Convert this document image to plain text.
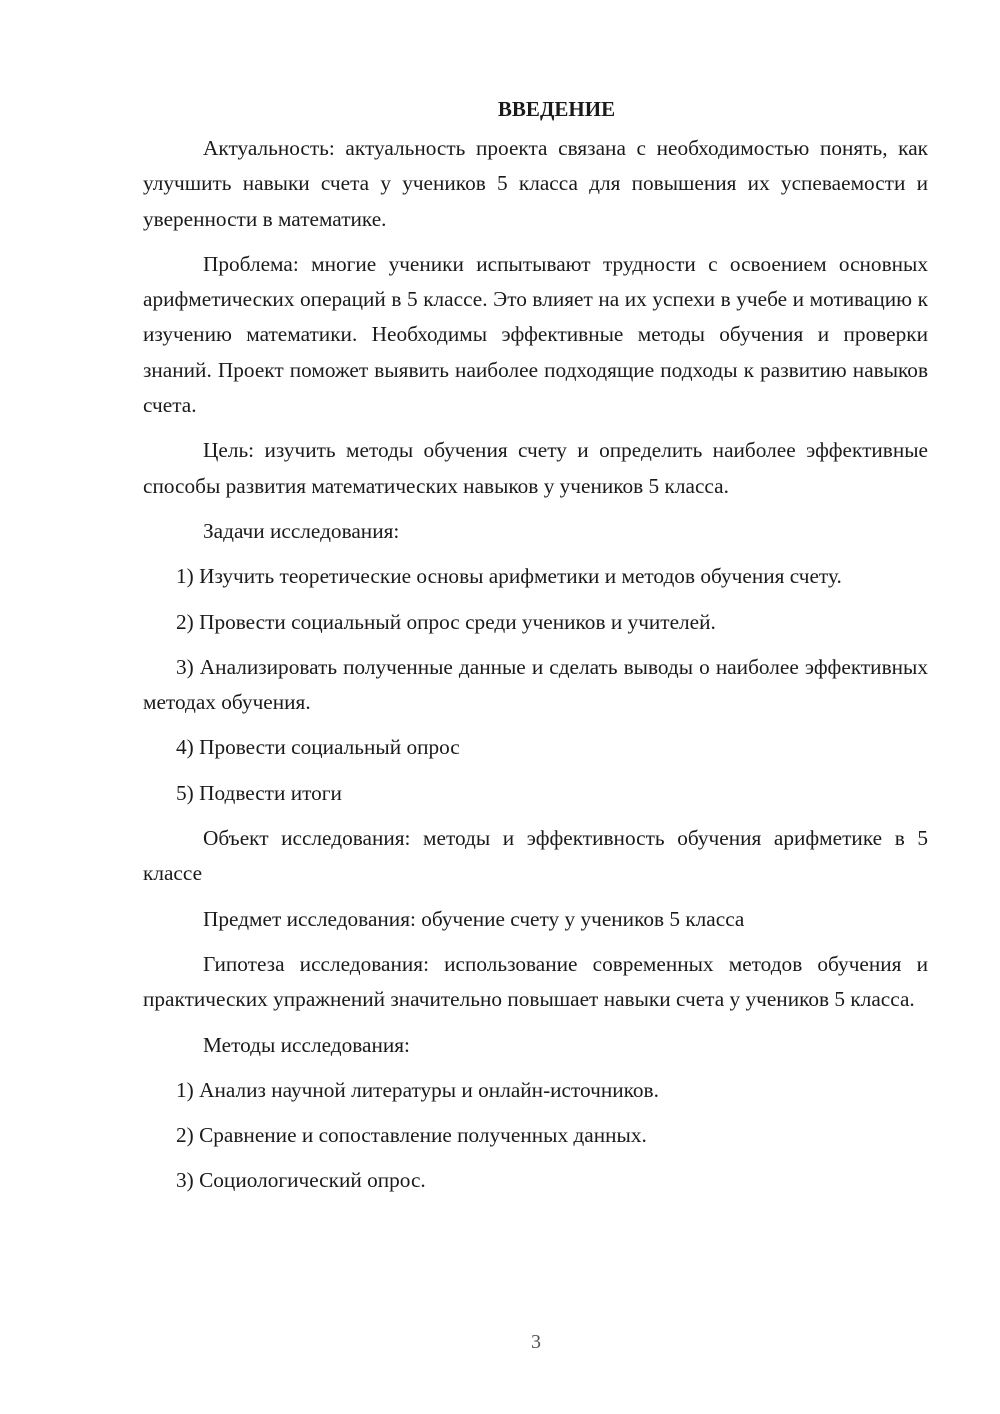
ВВЕДЕНИЕ

Актуальность: актуальность проекта связана с необходимостью понять, как улучшить навыки счета у учеников 5 класса для повышения их успеваемости и уверенности в математике.

Проблема: многие ученики испытывают трудности с освоением основных арифметических операций в 5 классе. Это влияет на их успехи в учебе и мотивацию к изучению математики. Необходимы эффективные методы обучения и проверки знаний. Проект поможет выявить наиболее подходящие подходы к развитию навыков счета.

Цель: изучить методы обучения счету и определить наиболее эффективные способы развития математических навыков у учеников 5 класса.

Задачи исследования:

1) Изучить теоретические основы арифметики и методов обучения счету.

2) Провести социальный опрос среди учеников и учителей.

3) Анализировать полученные данные и сделать выводы о наиболее эффективных методах обучения.

4) Провести социальный опрос

5) Подвести итоги

Объект исследования: методы и эффективность обучения арифметике в 5 классе

Предмет исследования: обучение счету у учеников 5 класса

Гипотеза исследования: использование современных методов обучения и практических упражнений значительно повышает навыки счета у учеников 5 класса.

Методы исследования:

1) Анализ научной литературы и онлайн-источников.

2) Сравнение и сопоставление полученных данных.

3) Социологический опрос.

3
